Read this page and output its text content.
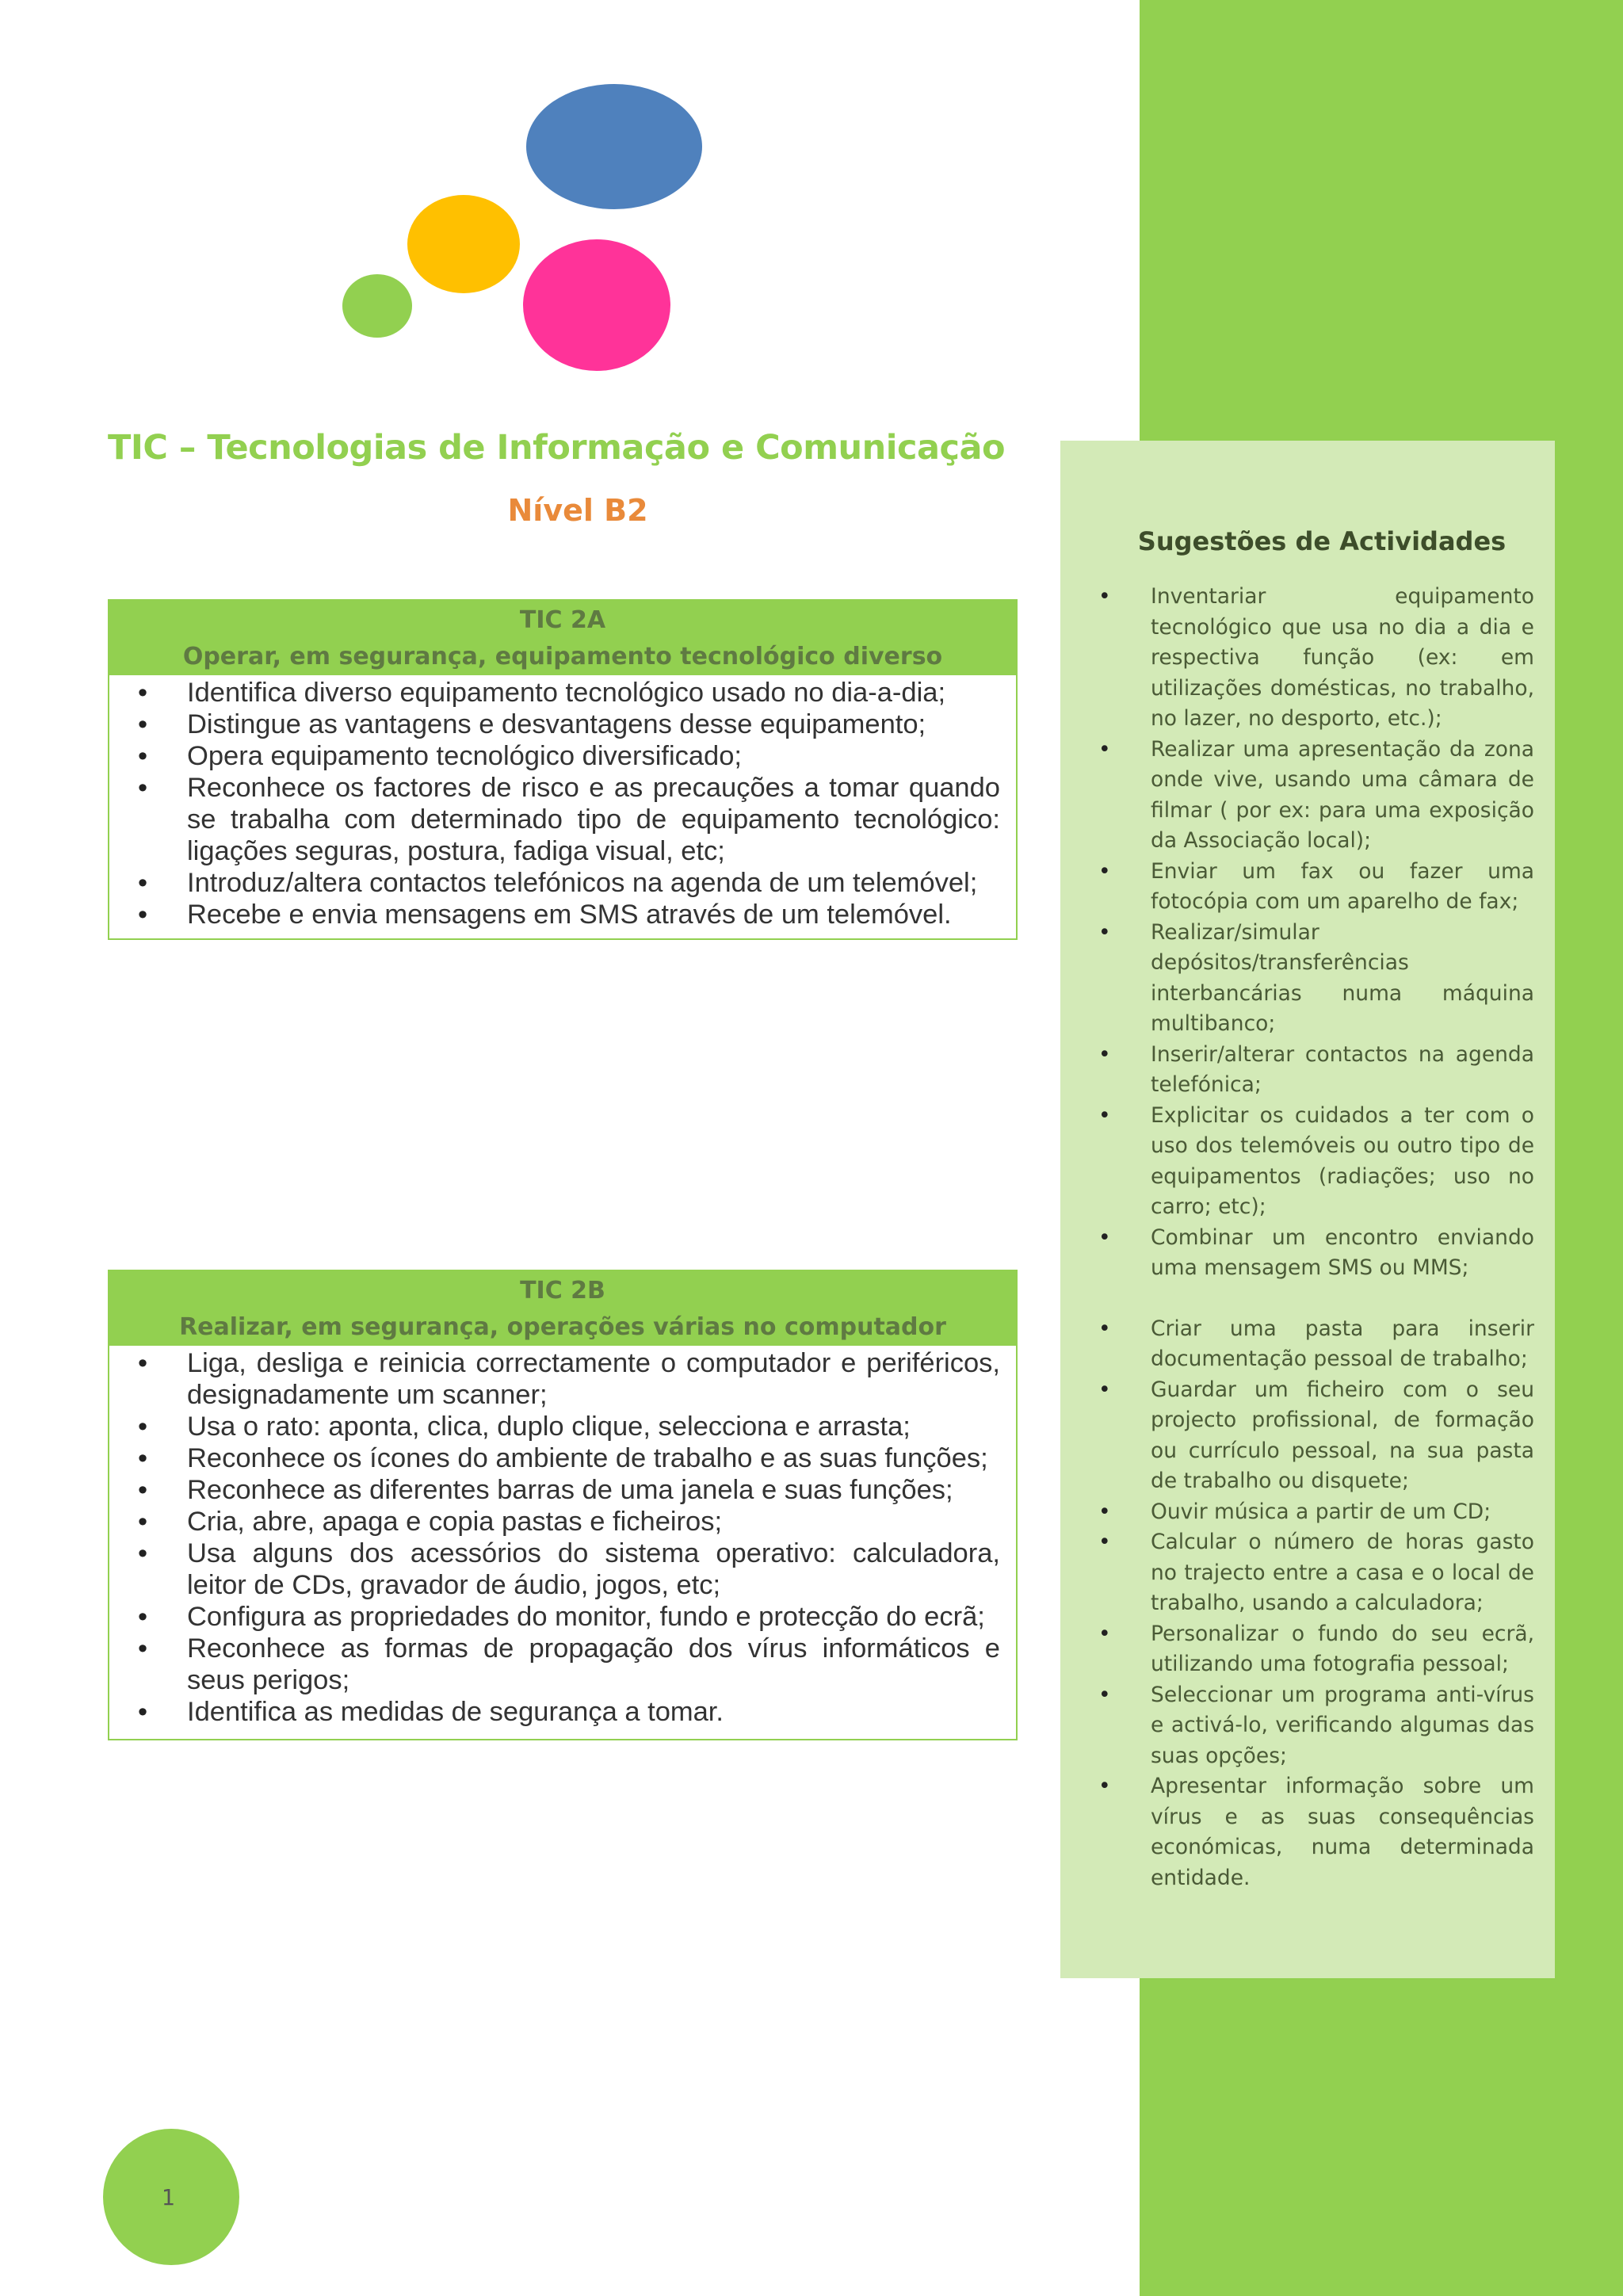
TIC – Tecnologias de Informação e Comunicação
Nível B2
TIC 2A
Operar, em segurança, equipamento tecnológico diverso
• Identifica diverso equipamento tecnológico usado no dia-a-dia;
• Distingue as vantagens e desvantagens desse equipamento;
• Opera equipamento tecnológico diversificado;
• Reconhece os factores de risco e as precauções a tomar quando se trabalha com determinado tipo de equipamento tecnológico: ligações seguras, postura, fadiga visual, etc;
• Introduz/altera contactos telefónicos na agenda de um telemóvel;
• Recebe e envia mensagens em SMS através de um telemóvel.
TIC 2B
Realizar, em segurança, operações várias no computador
• Liga, desliga e reinicia correctamente o computador e periféricos, designadamente um scanner;
• Usa o rato: aponta, clica, duplo clique, selecciona e arrasta;
• Reconhece os ícones do ambiente de trabalho e as suas funções;
• Reconhece as diferentes barras de uma janela e suas funções;
• Cria, abre, apaga e copia pastas e ficheiros;
• Usa alguns dos acessórios do sistema operativo: calculadora, leitor de CDs, gravador de áudio, jogos, etc;
• Configura as propriedades do monitor, fundo e protecção do ecrã;
• Reconhece as formas de propagação dos vírus informáticos e seus perigos;
• Identifica as medidas de segurança a tomar.
Sugestões de Actividades
• Inventariar equipamento tecnológico que usa no dia a dia e respectiva função (ex: em utilizações domésticas, no trabalho, no lazer, no desporto, etc.);
• Realizar uma apresentação da zona onde vive, usando uma câmara de filmar ( por ex: para uma exposição da Associação local);
• Enviar um fax ou fazer uma fotocópia com um aparelho de fax;
• Realizar/simular depósitos/transferências interbancárias numa máquina multibanco;
• Inserir/alterar contactos na agenda telefónica;
• Explicitar os cuidados a ter com o uso dos telemóveis ou outro tipo de equipamentos (radiações; uso no carro; etc);
• Combinar um encontro enviando uma mensagem SMS ou MMS;
• Criar uma pasta para inserir documentação pessoal de trabalho;
• Guardar um ficheiro com o seu projecto profissional, de formação ou currículo pessoal, na sua pasta de trabalho ou disquete;
• Ouvir música a partir de um CD;
• Calcular o número de horas gasto no trajecto entre a casa e o local de trabalho, usando a calculadora;
• Personalizar o fundo do seu ecrã, utilizando uma fotografia pessoal;
• Seleccionar um programa anti-vírus e activá-lo, verificando algumas das suas opções;
• Apresentar informação sobre um vírus e as suas consequências económicas, numa determinada entidade.
1
